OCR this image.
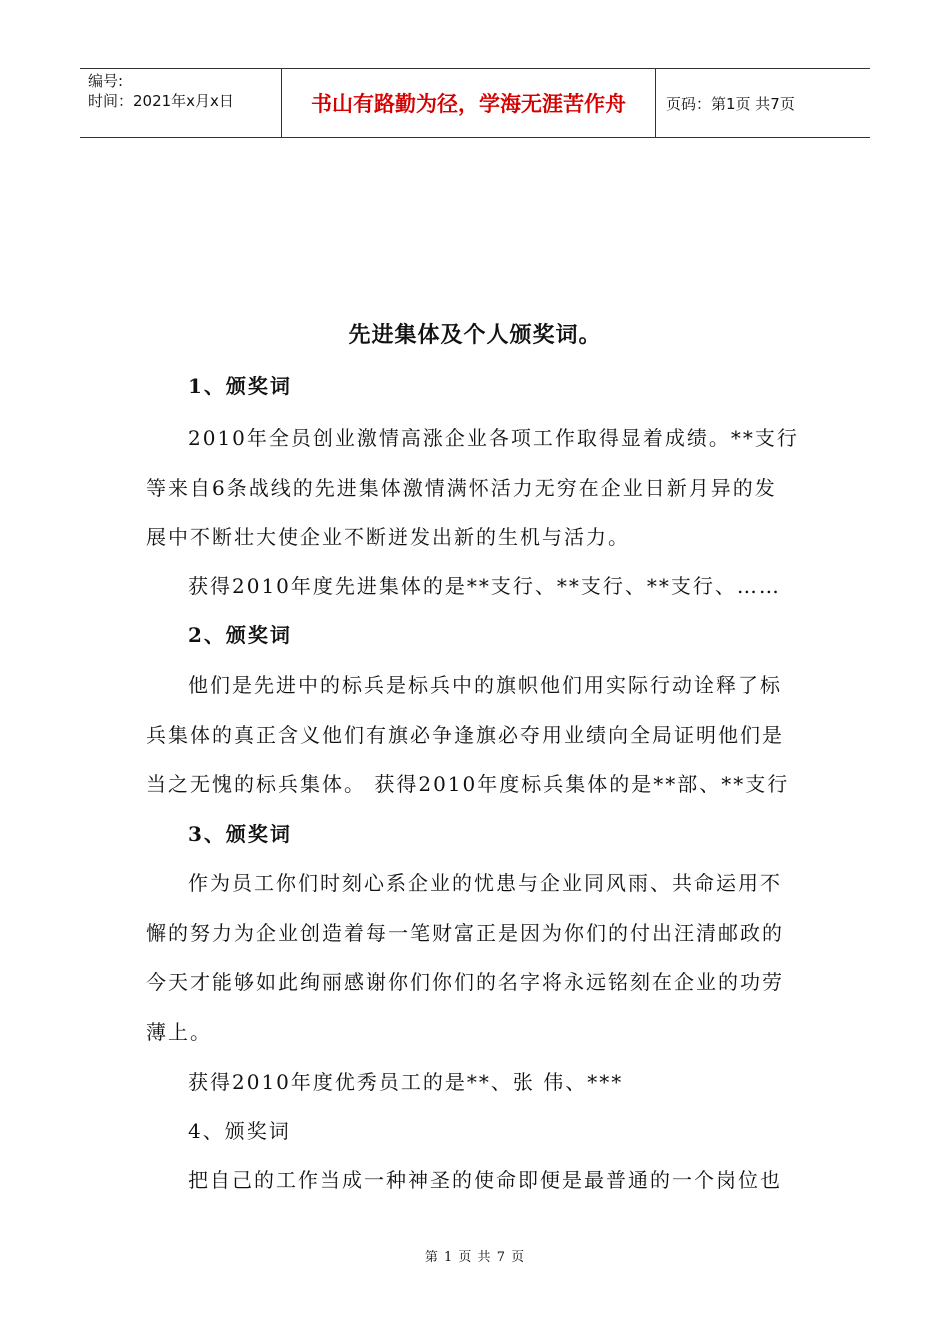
编号:
时间：2021年x月x日	书山有路勤为径，学海无涯苦作舟	页码：第1页 共7页
先进集体及个人颁奖词。
1、颁奖词
2010年全员创业激情高涨企业各项工作取得显着成绩。**支行
等来自6条战线的先进集体激情满怀活力无穷在企业日新月异的发
展中不断壮大使企业不断迸发出新的生机与活力。
获得2010年度先进集体的是**支行、**支行、**支行、……
2、颁奖词
他们是先进中的标兵是标兵中的旗帜他们用实际行动诠释了标
兵集体的真正含义他们有旗必争逢旗必夺用业绩向全局证明他们是
当之无愧的标兵集体。 获得2010年度标兵集体的是**部、**支行
3、颁奖词
作为员工你们时刻心系企业的忧患与企业同风雨、共命运用不
懈的努力为企业创造着每一笔财富正是因为你们的付出汪清邮政的
今天才能够如此绚丽感谢你们你们的名字将永远铭刻在企业的功劳
薄上。
获得2010年度优秀员工的是**、张 伟、***
4、颁奖词
把自己的工作当成一种神圣的使命即便是最普通的一个岗位也
第 1 页 共 7 页
